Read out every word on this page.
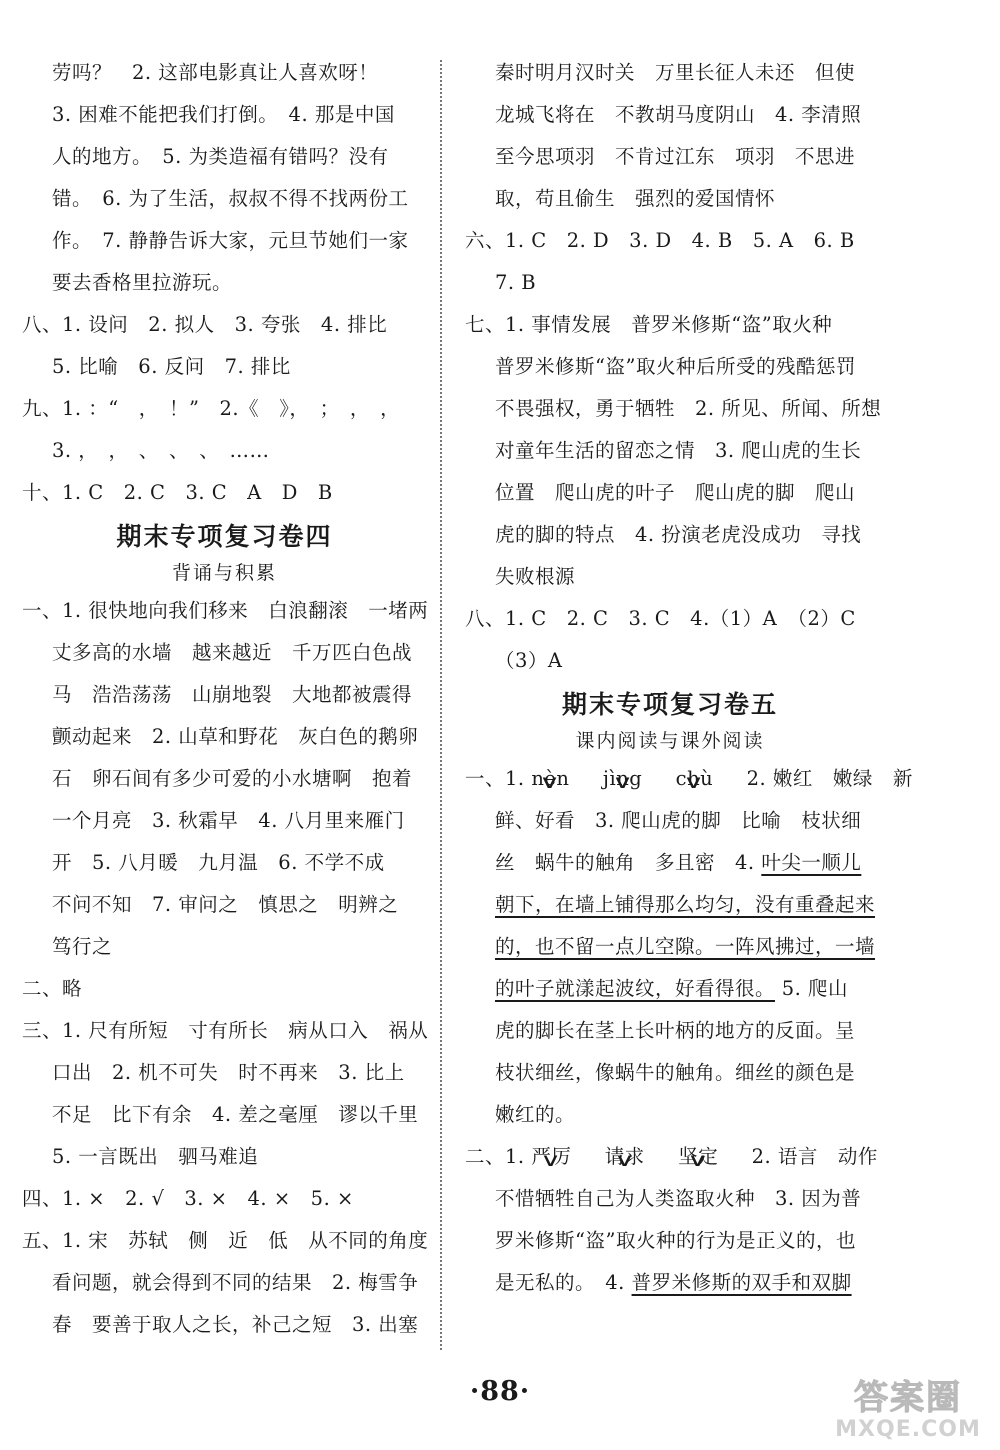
劳吗？　2. 这部电影真让人喜欢呀！
3. 困难不能把我们打倒。　4. 那是中国
人的地方。　5. 为类造福有错吗？没有
错。　6. 为了生活，叔叔不得不找两份工
作。　7. 静静告诉大家，元旦节她们一家
要去香格里拉游玩。
八、1. 设问　2. 拟人　3. 夸张　4. 排比
5. 比喻　6. 反问　7. 排比
九、1. ：“　，　！”　2.《　》，　；　，　，
3. ，　，　、　、　、　……
十、1. C　2. C　3. C　A　D　B
期末专项复习卷四
背诵与积累
一、1. 很快地向我们移来　白浪翻滚　一堵两
丈多高的水墙　越来越近　千万匹白色战
马　浩浩荡荡　山崩地裂　大地都被震得
颤动起来　2. 山草和野花　灰白色的鹅卵
石　卵石间有多少可爱的小水塘啊　抱着
一个月亮　3. 秋霜早　4. 八月里来雁门
开　5. 八月暖　九月温　6. 不学不成
不问不知　7. 审问之　慎思之　明辨之
笃行之
二、略
三、1. 尺有所短　寸有所长　病从口入　祸从
口出　2. 机不可失　时不再来　3. 比上
不足　比下有余　4. 差之毫厘　谬以千里
5. 一言既出　驷马难追
四、1. ×　2. √　3. ×　4. ×　5. ×
五、1. 宋　苏轼　侧　近　低　从不同的角度
看问题，就会得到不同的结果　2. 梅雪争
春　要善于取人之长，补己之短　3. 出塞
秦时明月汉时关　万里长征人未还　但使
龙城飞将在　不教胡马度阴山　4. 李清照
至今思项羽　不肯过江东　项羽　不思进
取，苟且偷生　强烈的爱国情怀
六、1. C　2. D　3. D　4. B　5. A　6. B
7. B
七、1. 事情发展　普罗米修斯“盗”取火种
普罗米修斯“盗”取火种后所受的残酷惩罚
不畏强权，勇于牺牲　2. 所见、所闻、所想
对童年生活的留恋之情　3. 爬山虎的生长
位置　爬山虎的叶子　爬山虎的脚　爬山
虎的脚的特点　4. 扮演老虎没成功　寻找
失败根源
八、1. C　2. C　3. C　4.（1）A　（2）C
（3）A
期末专项复习卷五
课内阅读与课外阅读
一、1. nèn ∨ 　 jìng ∨ 　 chù ∨ 　 2. 嫩红　嫩绿　新
鲜、好看　3. 爬山虎的脚　比喻　枝状细
丝　蜗牛的触角　多且密　4. 叶尖一顺儿
朝下，在墙上铺得那么均匀，没有重叠起来
的，也不留一点儿空隙。一阵风拂过，一墙
的叶子就漾起波纹，好看得很。 5. 爬山
虎的脚长在茎上长叶柄的地方的反面。呈
枝状细丝，像蜗牛的触角。细丝的颜色是
嫩红的。
二、1. 严厉 ∨ 　 请求 ∨ 　 坚定 ∨ 　 2. 语言　动作
不惜牺牲自己为人类盗取火种　3. 因为普
罗米修斯“盗”取火种的行为是正义的，也
是无私的。　4. 普罗米修斯的双手和双脚
·88·	答案圈
MXQE.COM
